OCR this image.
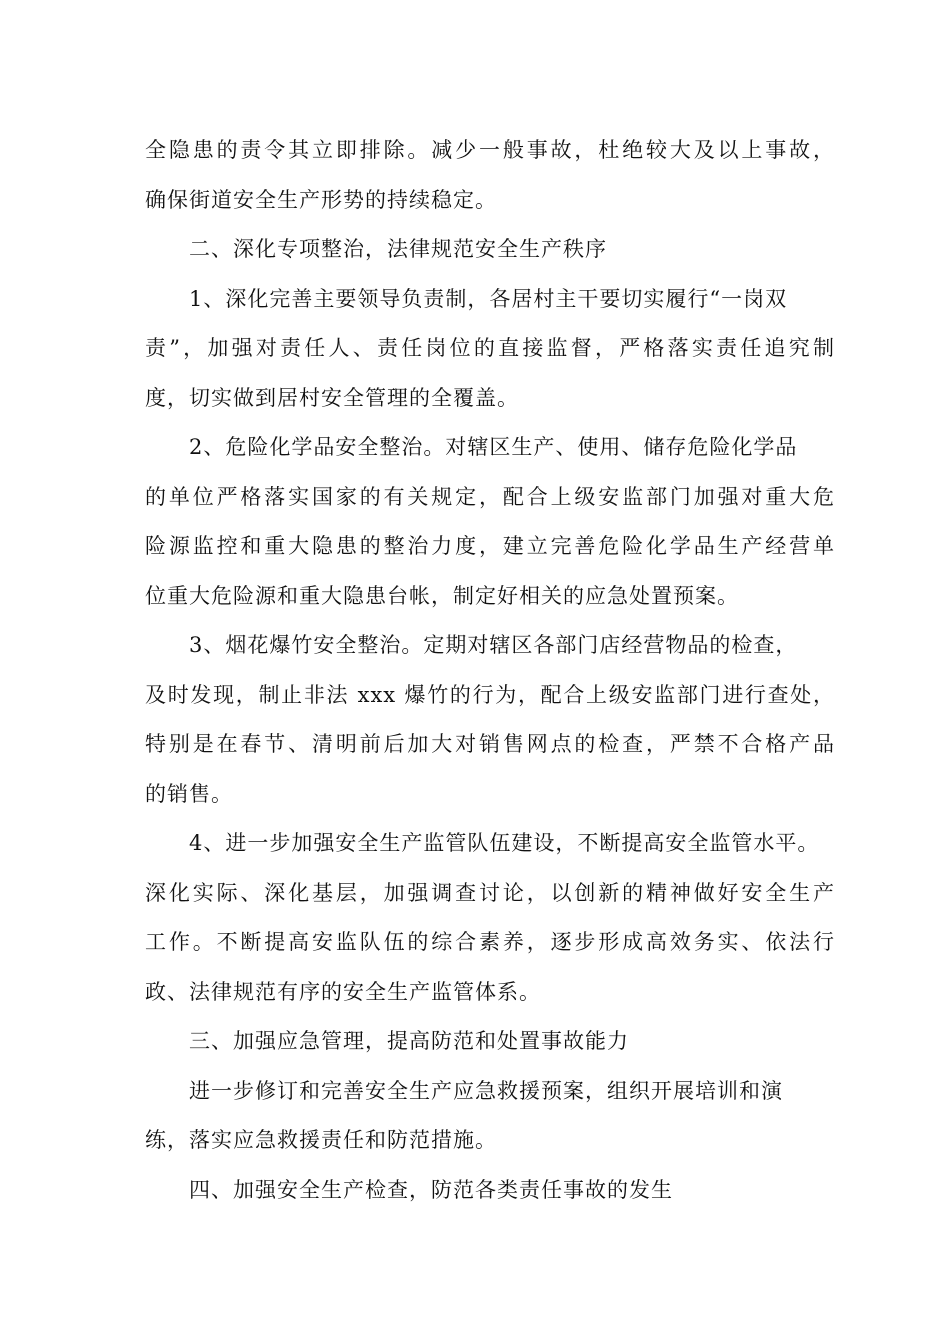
全隐患的责令其立即排除。减少一般事故，杜绝较大及以上事故，
确保街道安全生产形势的持续稳定。
二、深化专项整治，法律规范安全生产秩序
1、深化完善主要领导负责制，各居村主干要切实履行“一岗双
责”，加强对责任人、责任岗位的直接监督，严格落实责任追究制
度，切实做到居村安全管理的全覆盖。
2、危险化学品安全整治。对辖区生产、使用、储存危险化学品
的单位严格落实国家的有关规定，配合上级安监部门加强对重大危
险源监控和重大隐患的整治力度，建立完善危险化学品生产经营单
位重大危险源和重大隐患台帐，制定好相关的应急处置预案。
3、烟花爆竹安全整治。定期对辖区各部门店经营物品的检查，
及时发现，制止非法 xxx 爆竹的行为，配合上级安监部门进行查处，
特别是在春节、清明前后加大对销售网点的检查，严禁不合格产品
的销售。
4、进一步加强安全生产监管队伍建设，不断提高安全监管水平。
深化实际、深化基层，加强调查讨论，以创新的精神做好安全生产
工作。不断提高安监队伍的综合素养，逐步形成高效务实、依法行
政、法律规范有序的安全生产监管体系。
三、加强应急管理，提高防范和处置事故能力
进一步修订和完善安全生产应急救援预案，组织开展培训和演
练，落实应急救援责任和防范措施。
四、加强安全生产检查，防范各类责任事故的发生
